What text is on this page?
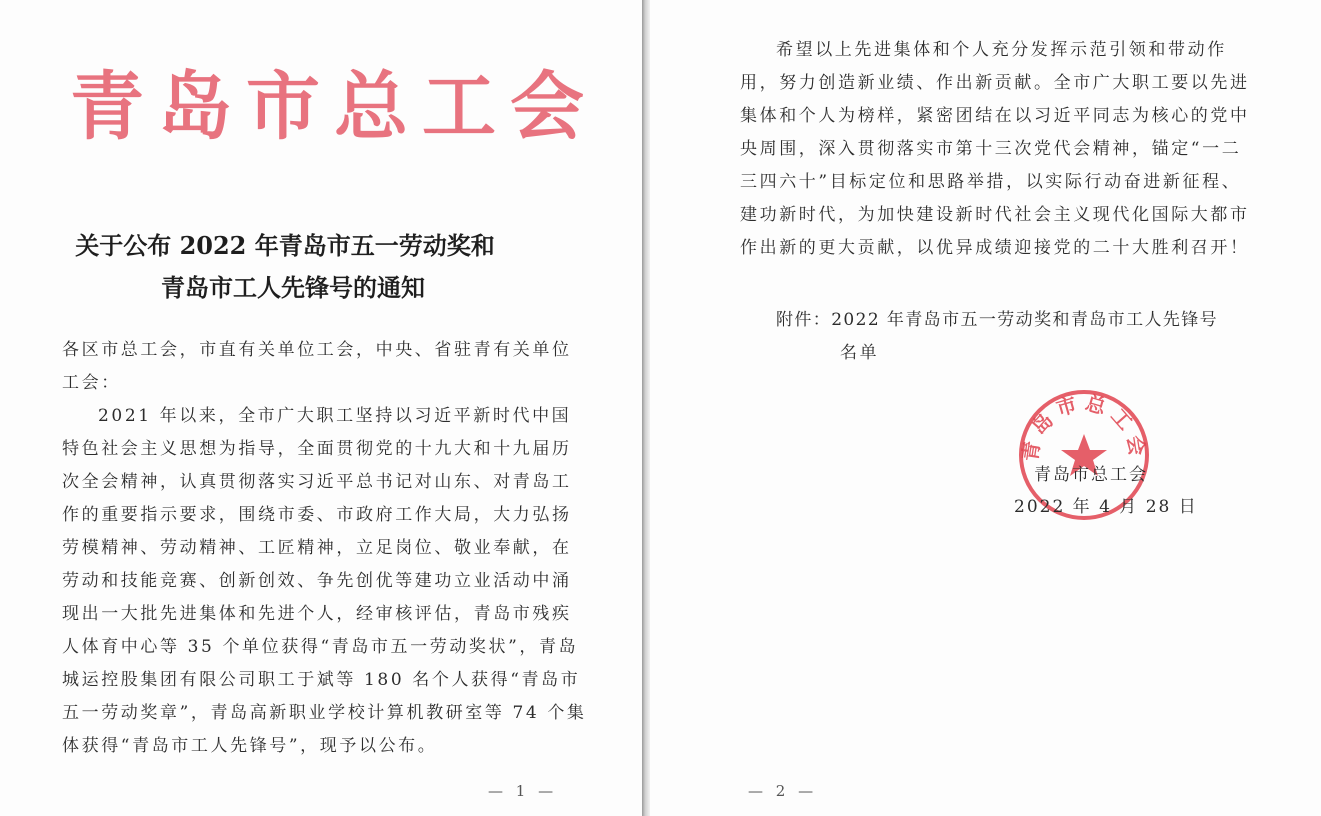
青岛市总工会
关于公布 2022 年青岛市五一劳动奖和
青岛市工人先锋号的通知
各区市总工会，市直有关单位工会，中央、省驻青有关单位
工会：
2021 年以来，全市广大职工坚持以习近平新时代中国
特色社会主义思想为指导，全面贯彻党的十九大和十九届历
次全会精神，认真贯彻落实习近平总书记对山东、对青岛工
作的重要指示要求，围绕市委、市政府工作大局，大力弘扬
劳模精神、劳动精神、工匠精神，立足岗位、敬业奉献，在
劳动和技能竞赛、创新创效、争先创优等建功立业活动中涌
现出一大批先进集体和先进个人，经审核评估，青岛市残疾
人体育中心等 35 个单位获得“青岛市五一劳动奖状”，青岛
城运控股集团有限公司职工于斌等 180 名个人获得“青岛市
五一劳动奖章”，青岛高新职业学校计算机教研室等 74 个集
体获得“青岛市工人先锋号”，现予以公布。
— 1 —
希望以上先进集体和个人充分发挥示范引领和带动作
用，努力创造新业绩、作出新贡献。全市广大职工要以先进
集体和个人为榜样，紧密团结在以习近平同志为核心的党中
央周围，深入贯彻落实市第十三次党代会精神，锚定“一二
三四六十”目标定位和思路举措，以实际行动奋进新征程、
建功新时代，为加快建设新时代社会主义现代化国际大都市
作出新的更大贡献，以优异成绩迎接党的二十大胜利召开！
附件：2022 年青岛市五一劳动奖和青岛市工人先锋号
名单
青岛市总工会
青岛市总工会
2022 年 4 月 28 日
— 2 —
